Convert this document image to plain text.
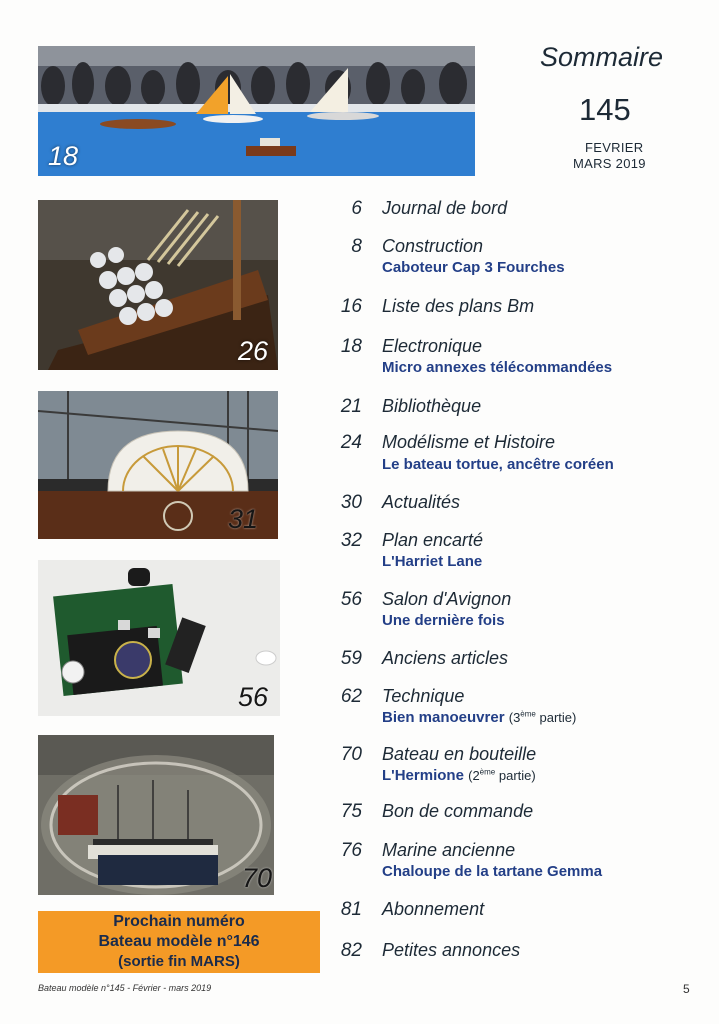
18
26
31
56
70
Sommaire
145
FEVRIER
MARS 2019
6 Journal de bord
8 Construction
Caboteur Cap 3 Fourches
16 Liste des plans Bm
18 Electronique
Micro annexes télécommandées
21 Bibliothèque
24 Modélisme et Histoire
Le bateau tortue, ancêtre coréen
30 Actualités
32 Plan encarté
L'Harriet Lane
56 Salon d'Avignon
Une dernière fois
59 Anciens articles
62 Technique
Bien manoeuvrer (3ème partie)
70 Bateau en bouteille
L'Hermione (2ème partie)
75 Bon de commande
76 Marine ancienne
Chaloupe de la tartane Gemma
81 Abonnement
82 Petites annonces
Prochain numéro
Bateau modèle n°146
(sortie fin MARS)
Bateau modèle n°145 - Février - mars 2019	5
